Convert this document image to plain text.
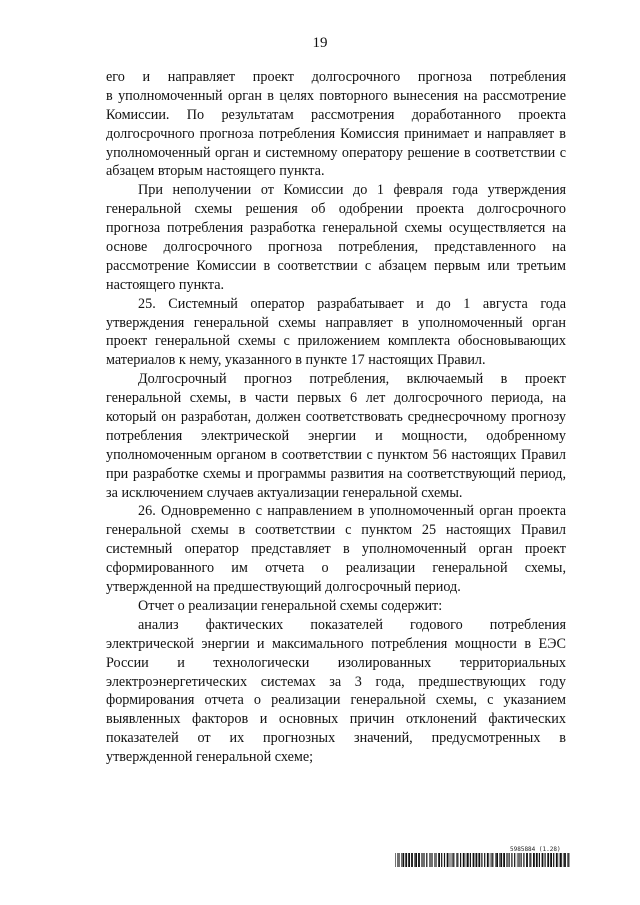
19
его и направляет проект долгосрочного прогноза потребления
в уполномоченный орган в целях повторного вынесения на рассмотрение
Комиссии. По результатам рассмотрения доработанного проекта
долгосрочного прогноза потребления Комиссия принимает и направляет в
уполномоченный орган и системному оператору решение в соответствии с
абзацем вторым настоящего пункта.
При неполучении от Комиссии до 1 февраля года утверждения
генеральной схемы решения об одобрении проекта долгосрочного
прогноза потребления разработка генеральной схемы осуществляется на
основе долгосрочного прогноза потребления, представленного на
рассмотрение Комиссии в соответствии с абзацем первым или третьим
настоящего пункта.
25. Системный оператор разрабатывает и до 1 августа года
утверждения генеральной схемы направляет в уполномоченный орган
проект генеральной схемы с приложением комплекта обосновывающих
материалов к нему, указанного в пункте 17 настоящих Правил.
Долгосрочный прогноз потребления, включаемый в проект
генеральной схемы, в части первых 6 лет долгосрочного периода, на
который он разработан, должен соответствовать среднесрочному прогнозу
потребления электрической энергии и мощности, одобренному
уполномоченным органом в соответствии с пунктом 56 настоящих Правил
при разработке схемы и программы развития на соответствующий период,
за исключением случаев актуализации генеральной схемы.
26. Одновременно с направлением в уполномоченный орган проекта
генеральной схемы в соответствии с пунктом 25 настоящих Правил
системный оператор представляет в уполномоченный орган проект
сформированного им отчета о реализации генеральной схемы,
утвержденной на предшествующий долгосрочный период.
Отчет о реализации генеральной схемы содержит:
анализ фактических показателей годового потребления
электрической энергии и максимального потребления мощности в ЕЭС
России и технологически изолированных территориальных
электроэнергетических системах за 3 года, предшествующих году
формирования отчета о реализации генеральной схемы, с указанием
выявленных факторов и основных причин отклонений фактических
показателей от их прогнозных значений, предусмотренных в
утвержденной генеральной схеме;
5985884 (1.28)
